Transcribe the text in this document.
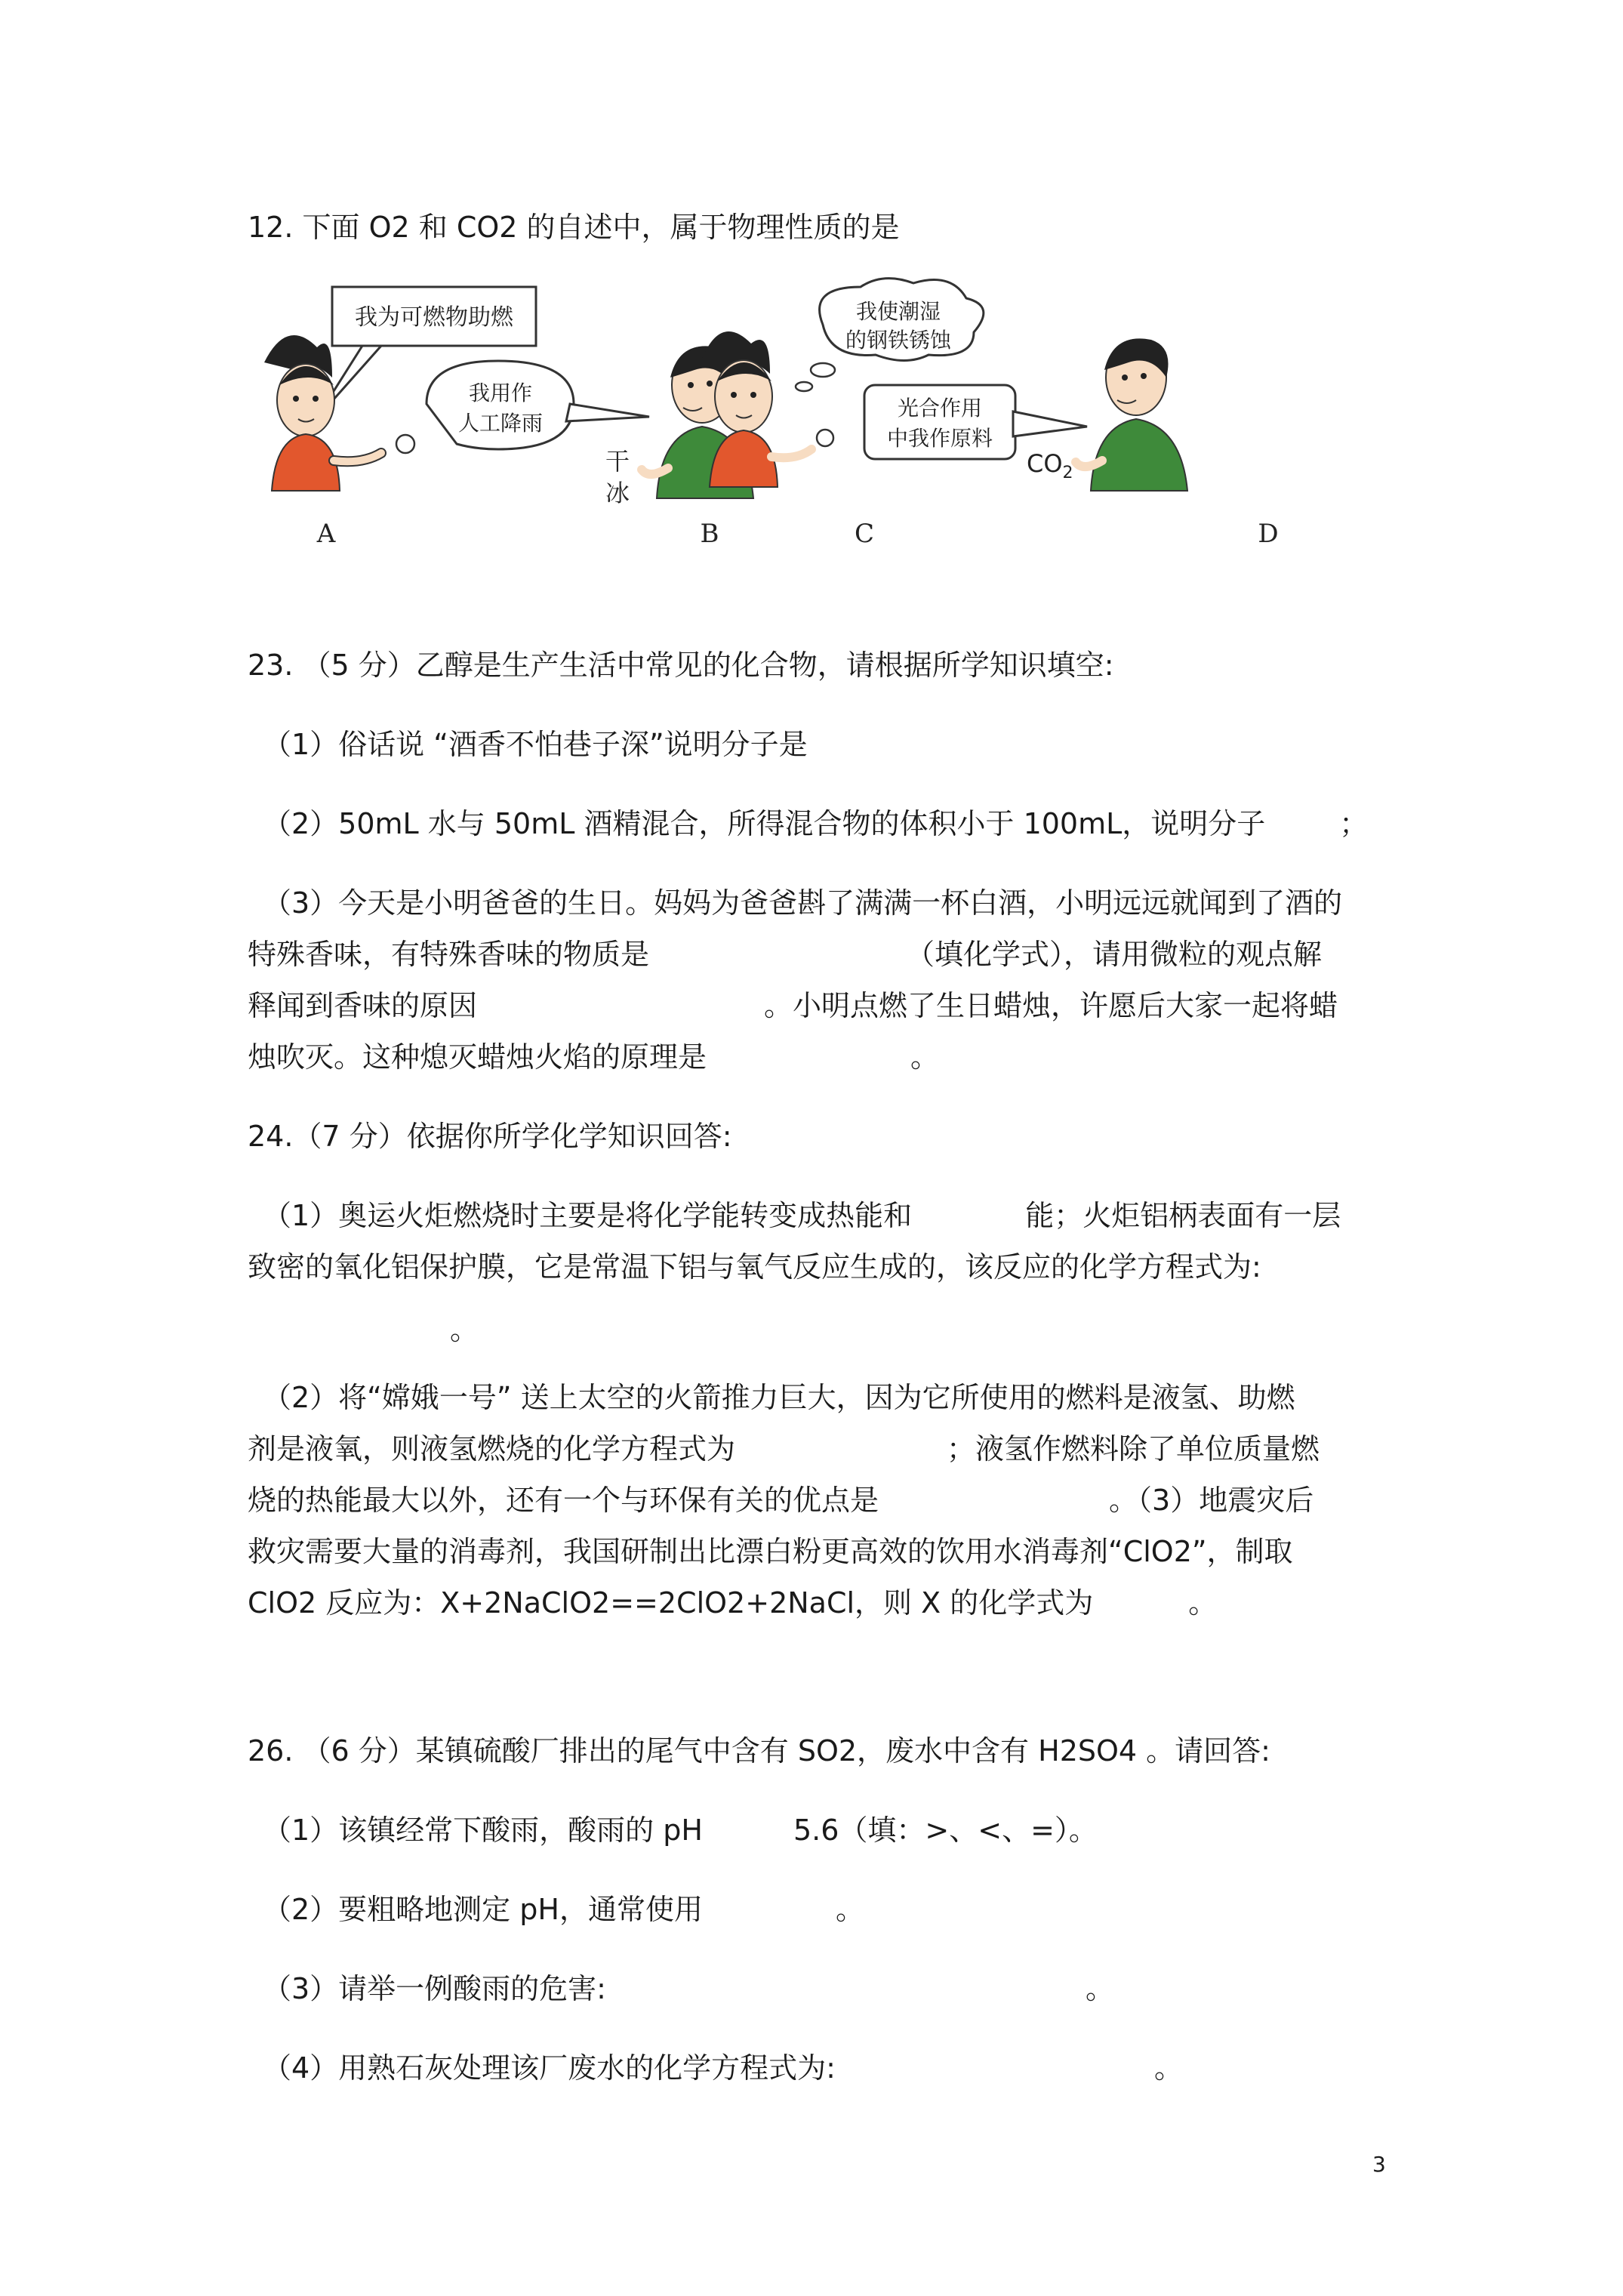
12. 下面 O2 和 CO2 的自述中，属于物理性质的是
我为可燃物助燃
我用作
人工降雨
干
冰
我使潮湿
的钢铁锈蚀
光合作用
中我作原料
$CO_2$
A	B	C	D
23. （5 分）乙醇是生产生活中常见的化合物，请根据所学知识填空:
（1）俗话说 “酒香不怕巷子深”说明分子是
（2）50mL 水与 50mL 酒精混合，所得混合物的体积小于 100mL，说明分子	；
（3）今天是小明爸爸的生日。妈妈为爸爸斟了满满一杯白酒，小明远远就闻到了酒的
特殊香味，有特殊香味的物质是	（填化学式），请用微粒的观点解
释闻到香味的原因	。小明点燃了生日蜡烛，许愿后大家一起将蜡
烛吹灭。这种熄灭蜡烛火焰的原理是	。
24.（7 分）依据你所学化学知识回答:
（1）奥运火炬燃烧时主要是将化学能转变成热能和	能；火炬铝柄表面有一层
致密的氧化铝保护膜，它是常温下铝与氧气反应生成的，该反应的化学方程式为:
。
（2）将“嫦娥一号” 送上太空的火箭推力巨大，因为它所使用的燃料是液氢、助燃
剂是液氧，则液氢燃烧的化学方程式为	；液氢作燃料除了单位质量燃
烧的热能最大以外，还有一个与环保有关的优点是	。（3）地震灾后
救灾需要大量的消毒剂，我国研制出比漂白粉更高效的饮用水消毒剂“ClO2”，制取
ClO2 反应为：X+2NaClO2==2ClO2+2NaCl，则 X 的化学式为	。
26. （6 分）某镇硫酸厂排出的尾气中含有 SO2，废水中含有 H2SO4 。请回答:
（1）该镇经常下酸雨，酸雨的 pH	5.6（填：>、<、=）。
（2）要粗略地测定 pH，通常使用	。
（3）请举一例酸雨的危害:	。
（4）用熟石灰处理该厂废水的化学方程式为:	。
3
